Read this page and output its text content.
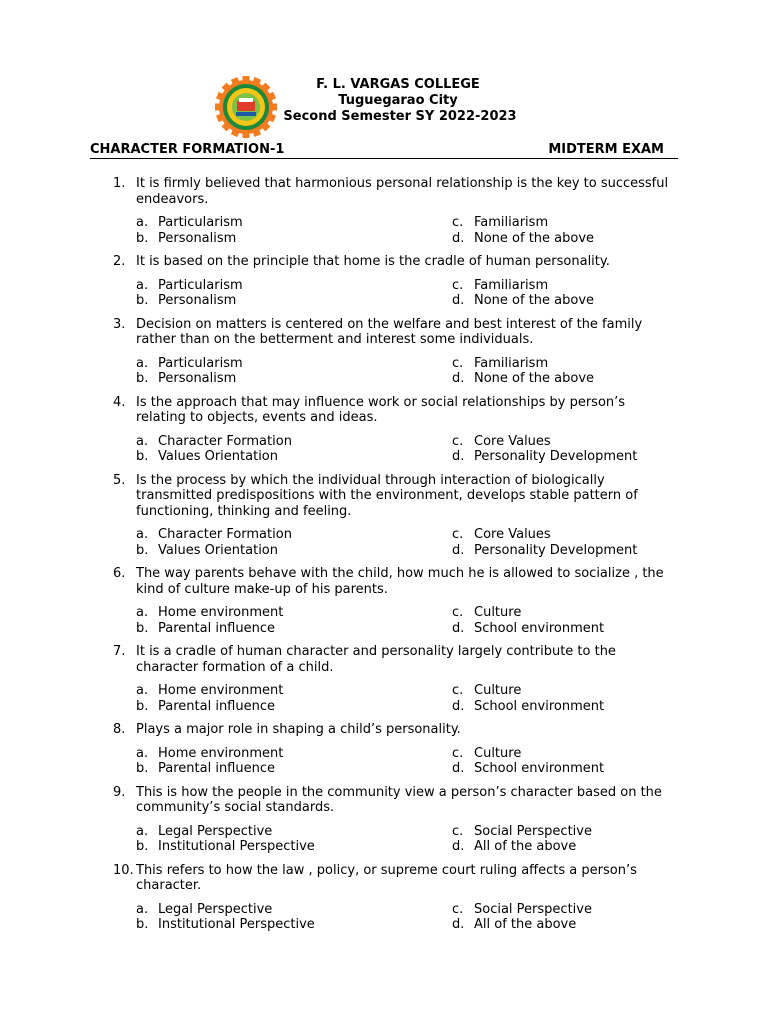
F. L. VARGAS COLLEGE
Tuguegarao City
Second Semester SY 2022-2023
CHARACTER FORMATION-1	MIDTERM EXAM
1. It is firmly believed that harmonious personal relationship is the key to successful endeavors.
a. Particularism
b. Personalism
c. Familiarism
d. None of the above
2. It is based on the principle that home is the cradle of human personality.
a. Particularism
b. Personalism
c. Familiarism
d. None of the above
3. Decision on matters is centered on the welfare and best interest of the family rather than on the betterment and interest some individuals.
a. Particularism
b. Personalism
c. Familiarism
d. None of the above
4. Is the approach that may influence work or social relationships by person’s relating to objects, events and ideas.
a. Character Formation
b. Values Orientation
c. Core Values
d. Personality Development
5. Is the process by which the individual through interaction of biologically transmitted predispositions with the environment, develops stable pattern of functioning, thinking and feeling.
a. Character Formation
b. Values Orientation
c. Core Values
d. Personality Development
6. The way parents behave with the child, how much he is allowed to socialize , the kind of culture make-up of his parents.
a. Home environment
b. Parental influence
c. Culture
d. School environment
7. It is a cradle of human character and personality largely contribute to the character formation of a child.
a. Home environment
b. Parental influence
c. Culture
d. School environment
8. Plays a major role in shaping a child’s personality.
a. Home environment
b. Parental influence
c. Culture
d. School environment
9. This is how the people in the community view a person’s character based on the community’s social standards.
a. Legal Perspective
b. Institutional Perspective
c. Social Perspective
d. All of the above
10. This refers to how the law , policy, or supreme court ruling affects a person’s character.
a. Legal Perspective
b. Institutional Perspective
c. Social Perspective
d. All of the above
